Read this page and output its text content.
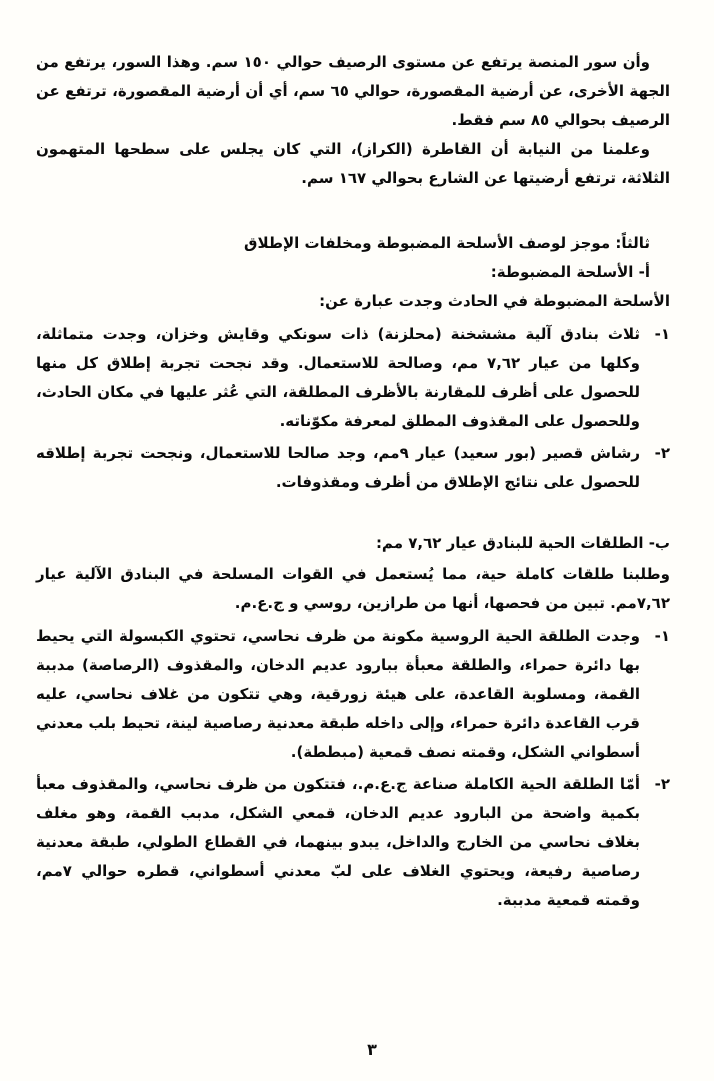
وأن سور المنصة يرتفع عن مستوى الرصيف حوالي ١٥٠ سم. وهذا السور، يرتفع من الجهة الأخرى، عن أرضية المقصورة، حوالي ٦٥ سم، أي أن أرضية المقصورة، ترتفع عن الرصيف بحوالي ٨٥ سم فقط.

وعلمنا من النيابة أن القاطرة (الكراز)، التي كان يجلس على سطحها المتهمون الثلاثة، ترتفع أرضيتها عن الشارع بحوالي ١٦٧ سم.

ثالثاً: موجز لوصف الأسلحة المضبوطة ومخلفات الإطلاق

أ- الأسلحة المضبوطة:

الأسلحة المضبوطة في الحادث وجدت عبارة عن:

١-
ثلاث بنادق آلية مششخنة (محلزنة) ذات سونكي وقايش وخزان، وجدت متماثلة، وكلها من عيار ٧,٦٢ مم، وصالحة للاستعمال. وقد نجحت تجربة إطلاق كل منها للحصول على أظرف للمقارنة بالأظرف المطلقة، التي عُثر عليها في مكان الحادث، وللحصول على المقذوف المطلق لمعرفة مكوّناته.
٢-
رشاش قصير (بور سعيد) عيار ٩مم، وجد صالحا للاستعمال، ونجحت تجربة إطلاقه للحصول على نتائج الإطلاق من أظرف ومقذوفات.

ب- الطلقات الحية للبنادق عيار ٧,٦٢ مم:

وطلبنا طلقات كاملة حية، مما يُستعمل في القوات المسلحة في البنادق الآلية عيار ٧,٦٢مم. تبين من فحصها، أنها من طرازين، روسي و ج.ع.م.

١-
وجدت الطلقة الحية الروسية مكونة من ظرف نحاسي، تحتوي الكبسولة التي يحيط بها دائرة حمراء، والطلقة معبأة ببارود عديم الدخان، والمقذوف (الرصاصة) مدببة القمة، ومسلوبة القاعدة، على هيئة زورقية، وهي تتكون من غلاف نحاسي، عليه قرب القاعدة دائرة حمراء، وإلى داخله طبقة معدنية رصاصية لينة، تحيط بلب معدني أسطواني الشكل، وقمته نصف قمعية (مبططة).
٢-
أمّا الطلقة الحية الكاملة صناعة ج.ع.م.، فتتكون من ظرف نحاسي، والمقذوف معبأ بكمية واضحة من البارود عديم الدخان، قمعي الشكل، مدبب القمة، وهو مغلف بغلاف نحاسي من الخارج والداخل، يبدو بينهما، في القطاع الطولي، طبقة معدنية رصاصية رفيعة، ويحتوي الغلاف على لبّ معدني أسطواني، قطره حوالي ٧مم، وقمته قمعية مدببة.
٣
